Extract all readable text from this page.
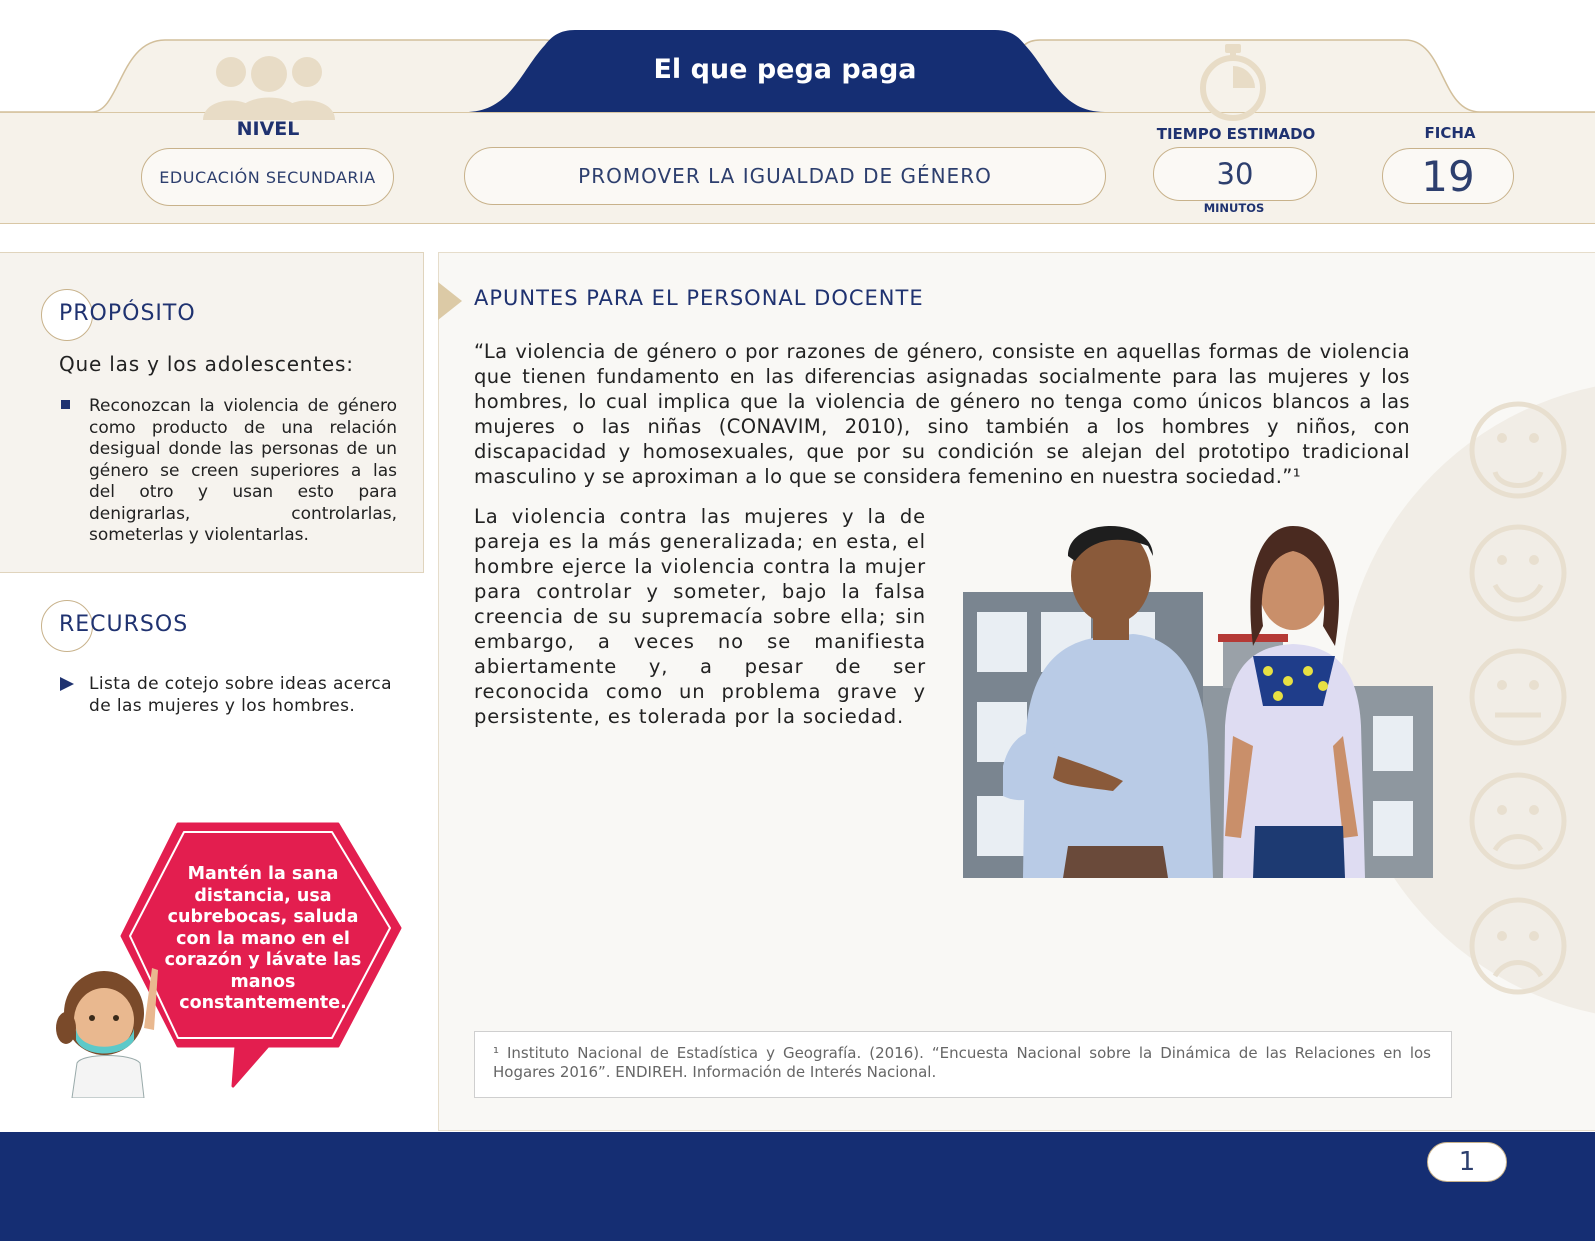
NIVEL
EDUCACIÓN SECUNDARIA
El que pega paga
PROMOVER LA IGUALDAD DE GÉNERO
TIEMPO ESTIMADO
30
MINUTOS
FICHA
19
PROPÓSITO
Que las y los adolescentes:
Reconozcan la violencia de género como producto de una relación desigual donde las personas de un género se creen superiores a las del otro y usan esto para denigrarlas, controlarlas, someterlas y violentarlas.
RECURSOS
Lista de cotejo sobre ideas acerca de las mujeres y los hombres.
Mantén la sana distancia, usa cubrebocas, saluda con la mano en el corazón y lávate las manos constantemente.
APUNTES PARA EL PERSONAL DOCENTE
“La violencia de género o por razones de género, consiste en aquellas formas de violencia que tienen fundamento en las diferencias asignadas socialmente para las mujeres y los hombres, lo cual implica que la violencia de género no tenga como únicos blancos a las mujeres o las niñas (CONAVIM, 2010), sino también a los hombres y niños, con discapacidad y homosexuales, que por su condición se alejan del prototipo tradicional masculino y se aproximan a lo que se considera femenino en nuestra sociedad.”¹
La violencia contra las mujeres y la de pareja es la más generalizada; en esta, el hombre ejerce la violencia contra la mujer para controlar y someter, bajo la falsa creencia de su supremacía sobre ella; sin embargo, a veces no se manifiesta abiertamente y, a pesar de ser reconocida como un problema grave y persistente, es tolerada por la sociedad.
¹ Instituto Nacional de Estadística y Geografía. (2016). “Encuesta Nacional sobre la Dinámica de las Relaciones en los Hogares 2016”. ENDIREH. Información de Interés Nacional.
1
